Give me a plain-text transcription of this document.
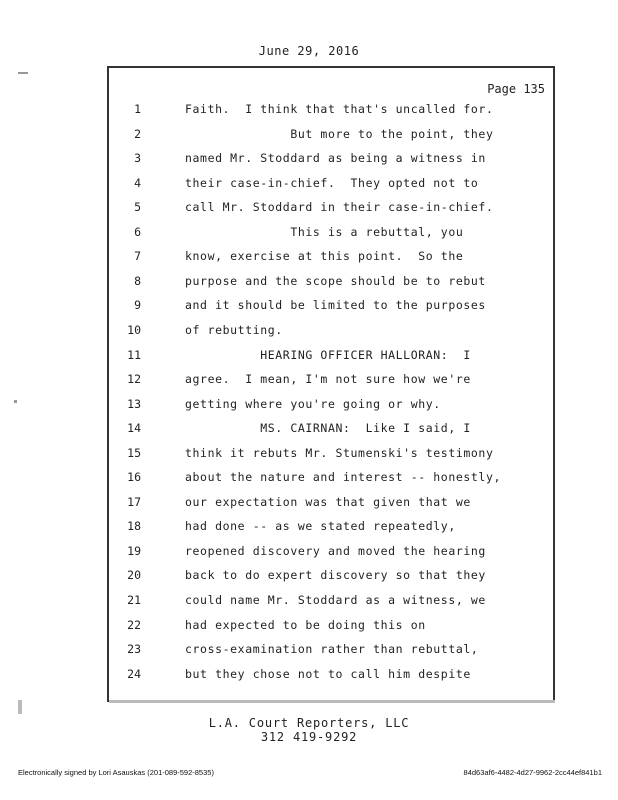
June 29, 2016
Page 135
1	Faith.  I think that that's uncalled for.
2	But more to the point, they
3	named Mr. Stoddard as being a witness in
4	their case-in-chief.  They opted not to
5	call Mr. Stoddard in their case-in-chief.
6	This is a rebuttal, you
7	know, exercise at this point.  So the
8	purpose and the scope should be to rebut
9	and it should be limited to the purposes
10	of rebutting.
11	HEARING OFFICER HALLORAN:  I
12	agree.  I mean, I'm not sure how we're
13	getting where you're going or why.
14	MS. CAIRNAN:  Like I said, I
15	think it rebuts Mr. Stumenski's testimony
16	about the nature and interest -- honestly,
17	our expectation was that given that we
18	had done -- as we stated repeatedly,
19	reopened discovery and moved the hearing
20	back to do expert discovery so that they
21	could name Mr. Stoddard as a witness, we
22	had expected to be doing this on
23	cross-examination rather than rebuttal,
24	but they chose not to call him despite
L.A. Court Reporters, LLC
312 419-9292
Electronically signed by Lori Asauskas (201-089-592-8535)	84d63af6-4482-4d27-9962-2cc44ef841b1
